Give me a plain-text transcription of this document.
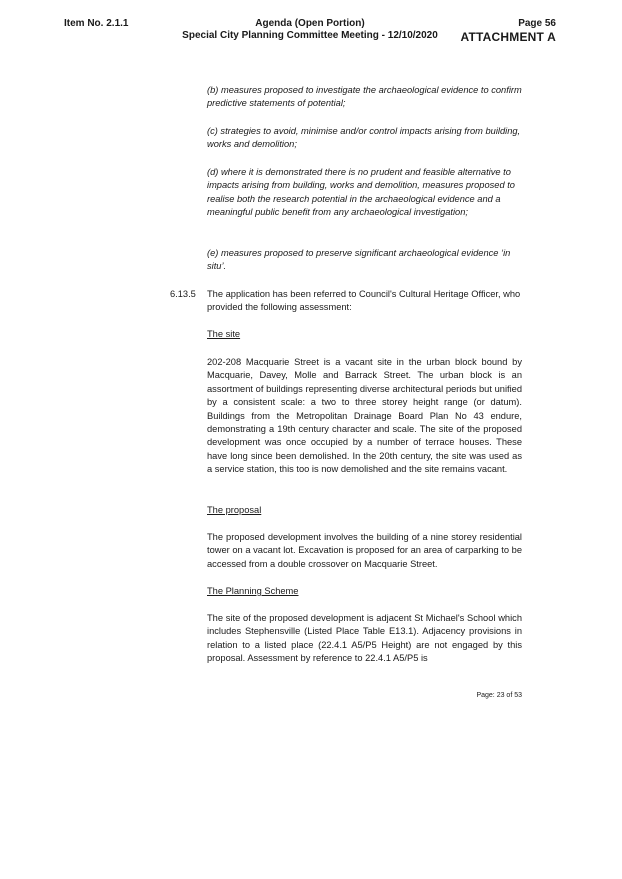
Item No. 2.1.1	Agenda (Open Portion)
Special City Planning Committee Meeting - 12/10/2020
Page 56
ATTACHMENT A

(b) measures proposed to investigate the archaeological evidence to confirm predictive statements of potential;

(c) strategies to avoid, minimise and/or control impacts arising from building, works and demolition;

(d) where it is demonstrated there is no prudent and feasible alternative to impacts arising from building, works and demolition, measures proposed to realise both the research potential in the archaeological evidence and a meaningful public benefit from any archaeological investigation;

(e) measures proposed to preserve significant archaeological evidence ‘in situ’.

6.13.5 The application has been referred to Council's Cultural Heritage Officer, who provided the following assessment:

The site

202-208 Macquarie Street is a vacant site in the urban block bound by Macquarie, Davey, Molle and Barrack Street. The urban block is an assortment of buildings representing diverse architectural periods but unified by a consistent scale: a two to three storey height range (or datum). Buildings from the Metropolitan Drainage Board Plan No 43 endure, demonstrating a 19th century character and scale. The site of the proposed development was once occupied by a number of terrace houses. These have long since been demolished. In the 20th century, the site was used as a service station, this too is now demolished and the site remains vacant.

The proposal

The proposed development involves the building of a nine storey residential tower on a vacant lot. Excavation is proposed for an area of carparking to be accessed from a double crossover on Macquarie Street.

The Planning Scheme

The site of the proposed development is adjacent St Michael's School which includes Stephensville (Listed Place Table E13.1). Adjacency provisions in relation to a listed place (22.4.1 A5/P5 Height) are not engaged by this proposal. Assessment by reference to 22.4.1 A5/P5 is

Page: 23 of 53
